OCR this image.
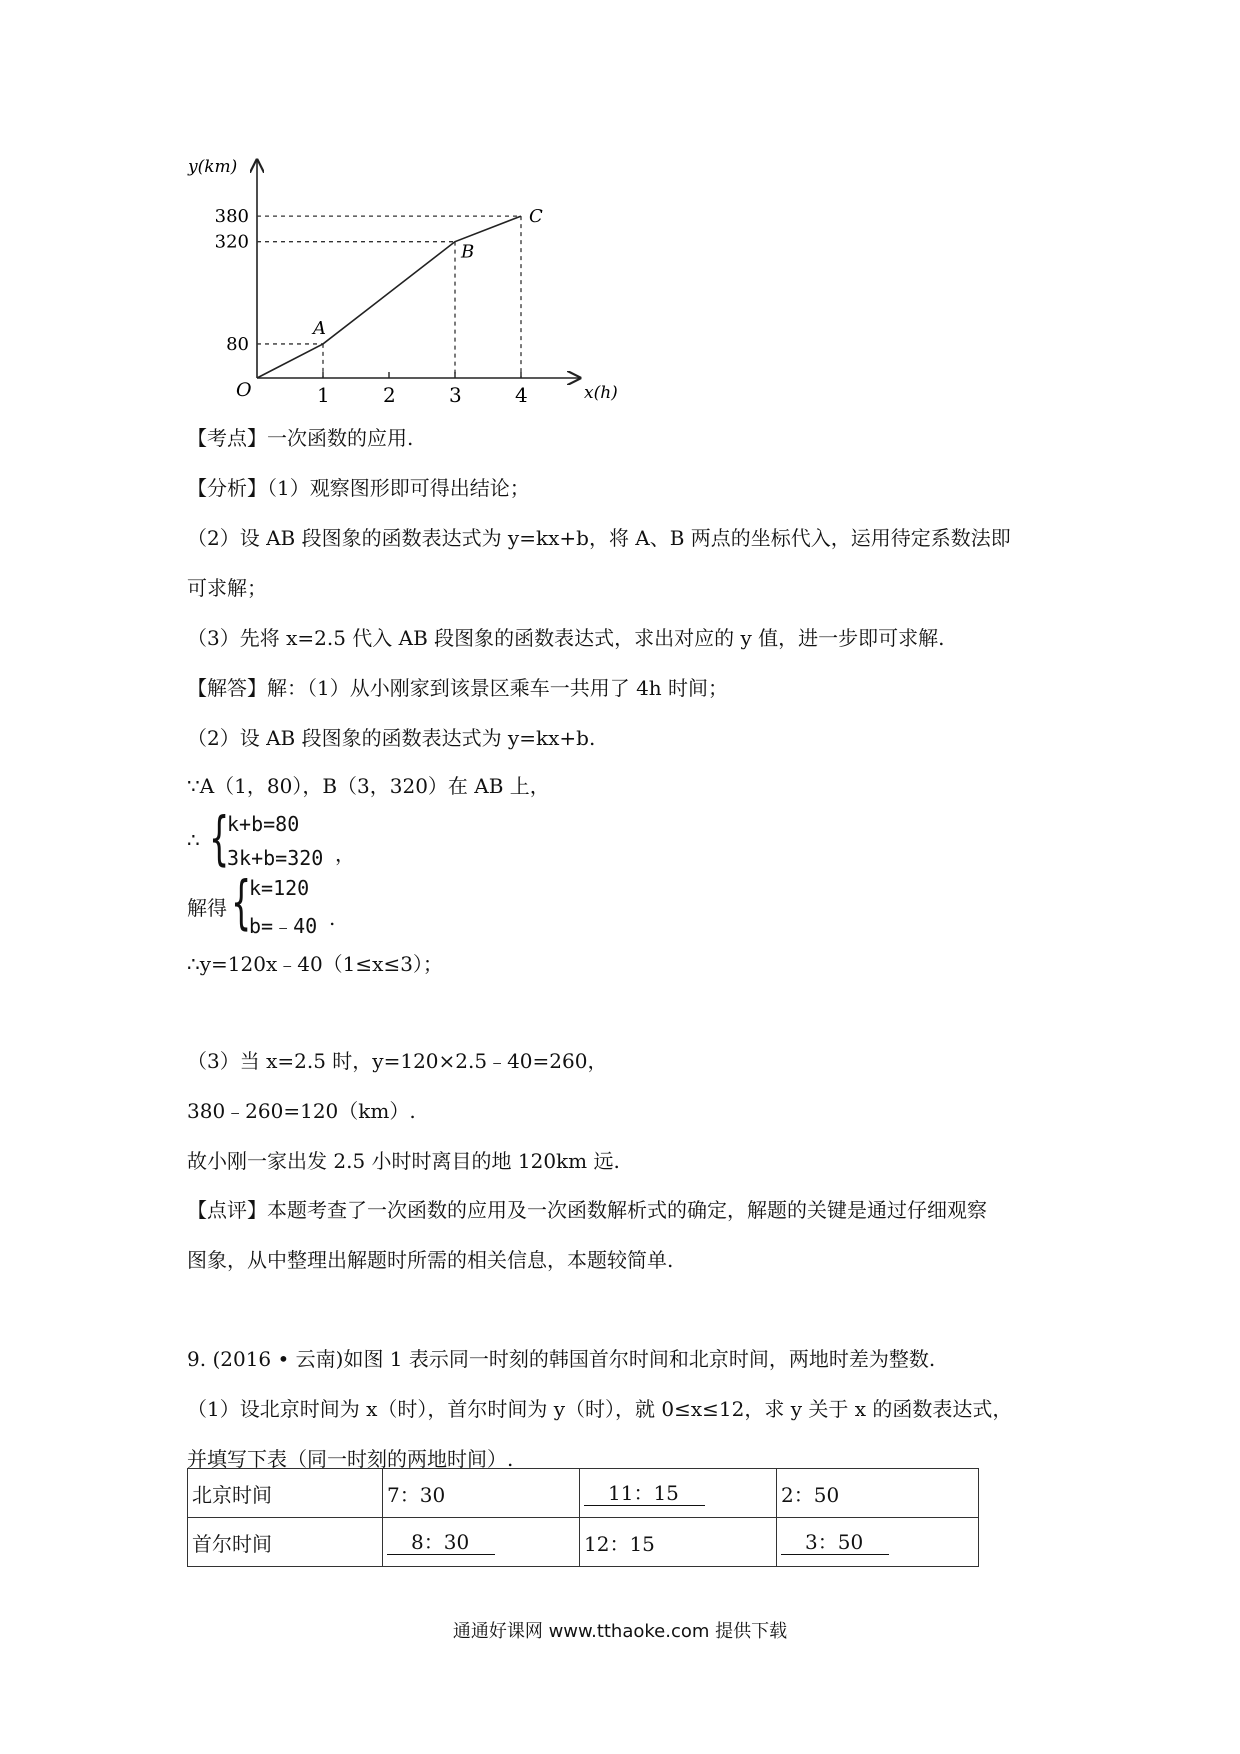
1	2	3	4
380
320
80
y(km)
x(h)
O
A
B
C
【考点】一次函数的应用.
【分析】（1）观察图形即可得出结论；
（2）设 AB 段图象的函数表达式为 y=kx+b，将 A、B 两点的坐标代入，运用待定系数法即
可求解；
（3）先将 x=2.5 代入 AB 段图象的函数表达式，求出对应的 y 值，进一步即可求解.
【解答】解：（1）从小刚家到该景区乘车一共用了 4h 时间；
（2）设 AB 段图象的函数表达式为 y=kx+b.
∵A（1，80），B（3，320）在 AB 上，
∴ {
k+b=80
3k+b=320 ，
解得 {
k=120
b=﹣40 .
∴y=120x﹣40（1≤x≤3）；
（3）当 x=2.5 时，y=120×2.5﹣40=260，
380﹣260=120（km）.
故小刚一家出发 2.5 小时时离目的地 120km 远.
【点评】本题考查了一次函数的应用及一次函数解析式的确定，解题的关键是通过仔细观察
图象，从中整理出解题时所需的相关信息，本题较简单.
9. (2016 • 云南)如图 1 表示同一时刻的韩国首尔时间和北京时间，两地时差为整数.
（1）设北京时间为 x（时），首尔时间为 y（时），就 0≤x≤12，求 y 关于 x 的函数表达式，
并填写下表（同一时刻的两地时间）.
北京时间	7：30	11：15	2：50
首尔时间	8：30	12：15	3：50
通通好课网 www.tthaoke.com 提供下载
